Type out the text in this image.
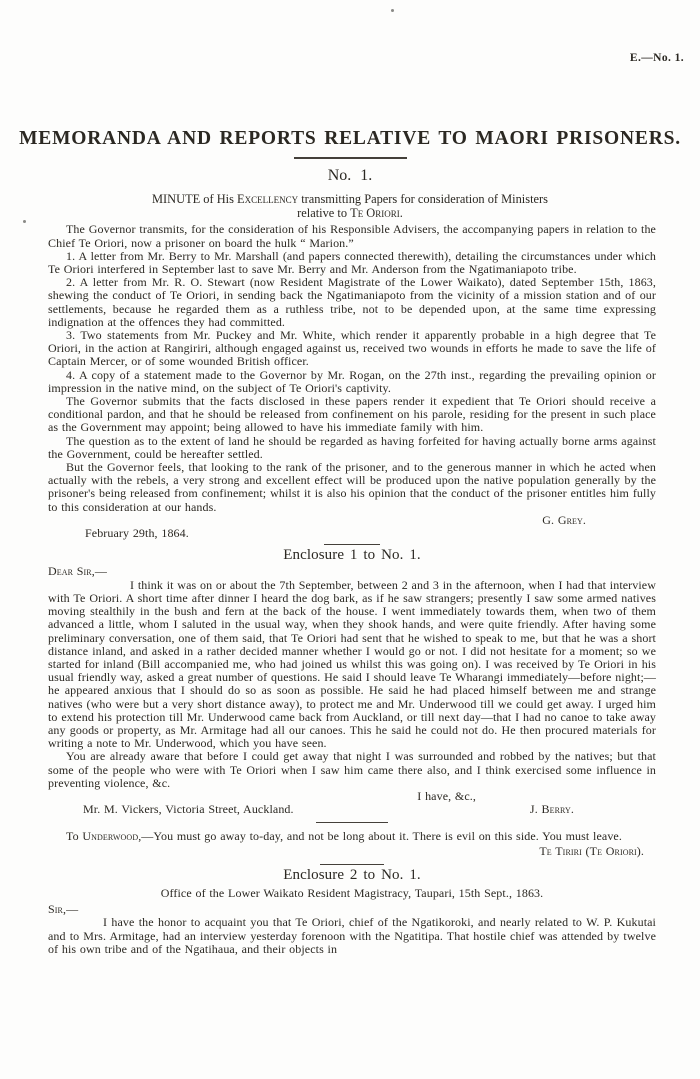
E.—No. 1.
MEMORANDA AND REPORTS RELATIVE TO MAORI PRISONERS.
No. 1.
MINUTE of His Excellency transmitting Papers for consideration of Ministers
relative to Te Oriori.

The Governor transmits, for the consideration of his Responsible Advisers, the accompanying papers in relation to the Chief Te Oriori, now a prisoner on board the hulk “ Marion.”

1. A letter from Mr. Berry to Mr. Marshall (and papers connected therewith), detailing the circumstances under which Te Oriori interfered in September last to save Mr. Berry and Mr. Anderson from the Ngatimaniapoto tribe.

2. A letter from Mr. R. O. Stewart (now Resident Magistrate of the Lower Waikato), dated September 15th, 1863, shewing the conduct of Te Oriori, in sending back the Ngatimaniapoto from the vicinity of a mission station and of our settlements, because he regarded them as a ruthless tribe, not to be depended upon, at the same time expressing indignation at the offences they had committed.

3. Two statements from Mr. Puckey and Mr. White, which render it apparently probable in a high degree that Te Oriori, in the action at Rangiriri, although engaged against us, received two wounds in efforts he made to save the life of Captain Mercer, or of some wounded British officer.

4. A copy of a statement made to the Governor by Mr. Rogan, on the 27th inst., regarding the prevailing opinion or impression in the native mind, on the subject of Te Oriori's captivity.

The Governor submits that the facts disclosed in these papers render it expedient that Te Oriori should receive a conditional pardon, and that he should be released from confinement on his parole, residing for the present in such place as the Government may appoint; being allowed to have his immediate family with him.

The question as to the extent of land he should be regarded as having forfeited for having actually borne arms against the Government, could be hereafter settled.

But the Governor feels, that looking to the rank of the prisoner, and to the generous manner in which he acted when actually with the rebels, a very strong and excellent effect will be produced upon the native population generally by the prisoner's being released from confinement; whilst it is also his opinion that the conduct of the prisoner entitles him fully to this consideration at our hands.

G. Grey.
February 29th, 1864.
Enclosure 1 to No. 1.
Dear Sir,—

I think it was on or about the 7th September, between 2 and 3 in the afternoon, when I had that interview with Te Oriori. A short time after dinner I heard the dog bark, as if he saw strangers; presently I saw some armed natives moving stealthily in the bush and fern at the back of the house. I went immediately towards them, when two of them advanced a little, whom I saluted in the usual way, when they shook hands, and were quite friendly. After having some preliminary conversation, one of them said, that Te Oriori had sent that he wished to speak to me, but that he was a short distance inland, and asked in a rather decided manner whether I would go or not. I did not hesitate for a moment; so we started for inland (Bill accompanied me, who had joined us whilst this was going on). I was received by Te Oriori in his usual friendly way, asked a great number of questions. He said I should leave Te Wharangi immediately—before night;—he appeared anxious that I should do so as soon as possible. He said he had placed himself between me and strange natives (who were but a very short distance away), to protect me and Mr. Underwood till we could get away. I urged him to extend his protection till Mr. Underwood came back from Auckland, or till next day—that I had no canoe to take away any goods or property, as Mr. Armitage had all our canoes. This he said he could not do. He then procured materials for writing a note to Mr. Underwood, which you have seen.

You are already aware that before I could get away that night I was surrounded and robbed by the natives; but that some of the people who were with Te Oriori when I saw him came there also, and I think exercised some influence in preventing violence, &c.

I have, &c.,
Mr. M. Vickers, Victoria Street, Auckland.	J. Berry.

To Underwood,—You must go away to-day, and not be long about it. There is evil on this side. You must leave.

Te Tiriri (Te Oriori).
Enclosure 2 to No. 1.
Office of the Lower Waikato Resident Magistracy, Taupari, 15th Sept., 1863.
Sir,—

I have the honor to acquaint you that Te Oriori, chief of the Ngatikoroki, and nearly related to W. P. Kukutai and to Mrs. Armitage, had an interview yesterday forenoon with the Ngatitipa. That hostile chief was attended by twelve of his own tribe and of the Ngatihaua, and their objects in
